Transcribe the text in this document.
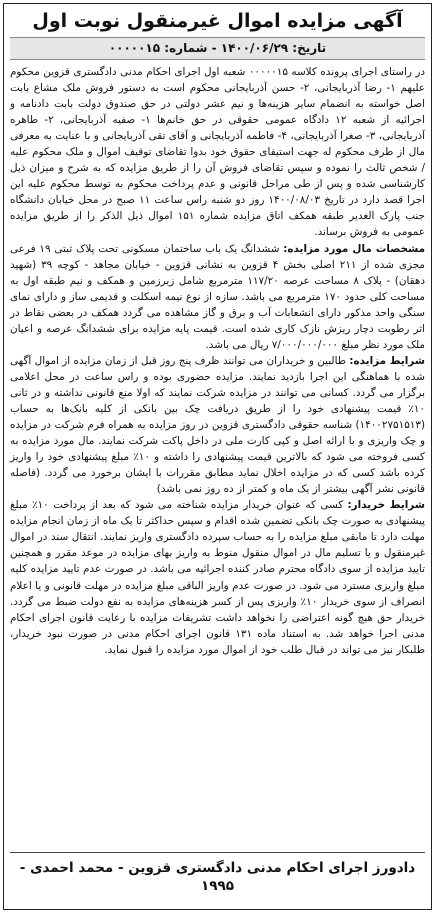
آگهی مزایده اموال غیرمنقول نوبت اول
تاریخ: ۱۴۰۰/۰۶/۲۹ - شماره: ۰۰۰۰۰۱۵

در راستای اجرای پرونده کلاسه ۰۰۰۰۰۱۵ شعبه اول اجرای احکام مدنی دادگستری قزوین محکوم علیهم ۱- رضا آذربایجانی، ۲- حسن آذربایجانی محکوم است به دستور فروش ملک مشاع بابت اصل خواسته به انضمام سایر هزینه‌ها و نیم عشر دولتی در حق صندوق دولت بابت دادنامه و اجرائیه از شعبه ۱۲ دادگاه عمومی حقوقی در حق خانم‌ها ۱- صفیه آذربایجانی، ۲- طاهره آذربایجانی، ۳- صغرا آذربایجانی، ۴- فاطمه آذربایجانی و آقای تقی آذربایجانی و با عنایت به معرفی مال از طرف محکوم له جهت استیفای حقوق خود بدوا تقاضای توقیف اموال و ملک محکوم علیه / شخص ثالث را نموده و سپس تقاضای فروش آن را از طریق مزایده که به شرح و میزان ذیل کارشناسی شده و پس از طی مراحل قانونی و عدم پرداخت محکوم به توسط محکوم علیه این اجرا قصد دارد در تاریخ ۱۴۰۰/۰۸/۰۳ روز دو شنبه راس ساعت ۱۱ صبح در محل خیابان دانشگاه جنب پارک الغدیر طبقه همکف اتاق مزایده شماره ۱۵۱ اموال ذیل الذکر را از طریق مزایده عمومی به فروش برساند.

مشخصات مال مورد مزایده: ششدانگ یک باب ساختمان مسکونی تحت پلاک ثبتی ۱۹ فرعی مجزی شده از ۲۱۱ اصلی بخش ۴ قزوین به نشانی قزوین - خیابان مجاهد - کوچه ۳۹ (شهید دهقان) - پلاک ۸ مساحت عرصه ۱۱۷/۲۰ مترمربع شامل زیرزمین و همکف و نیم طبقه اول به مساحت کلی حدود ۱۷۰ مترمربع می باشد. سازه از نوع نیمه اسکلت و قدیمی ساز و دارای نمای سنگی واحد مذکور دارای انشعابات آب و برق و گاز مشاهده می گردد همکف در بعضی نقاط در اثر رطوبت دچار ریزش نازک کاری شده است. قیمت پایه مزایده برای ششدانگ عرصه و اعیان ملک مورد نظر مبلغ ۷/۰۰۰/۰۰۰/۰۰۰ ریال می باشد.

شرایط مزایده: طالبین و خریداران می توانند ظرف پنج روز قبل از زمان مزایده از اموال آگهی شده با هماهنگی این اجرا بازدید نمایند. مزایده حضوری بوده و راس ساعت در محل اعلامی برگزار می گردد. کسانی می توانند در مزایده شرکت نمایند که اولا منع قانونی نداشته و در ثانی ۱۰٪ قیمت پیشنهادی خود را از طریق دریافت چک بین بانکی از کلیه بانک‌ها به حساب (۱۴۰۰۲۷۵۱۵۱۳) شناسه حقوقی دادگستری قزوین در روز مزایده به همراه فرم شرکت در مزایده و چک واریزی و با ارائه اصل و کپی کارت ملی در داخل پاکت شرکت نمایند. مال مورد مزایده به کسی فروخته می شود که بالاترین قیمت پیشنهادی را داشته و ۱۰٪ مبلغ پیشنهادی خود را واریز کرده باشد کسی که در مزایده اخلال نماید مطابق مقررات با ایشان برخورد می گردد. (فاصله قانونی نشر آگهی بیشتر از یک ماه و کمتر از ده روز نمی باشد)

شرایط خریدار: کسی که عنوان خریدار مزایده شناخته می شود که بعد از پرداخت ۱۰٪ مبلغ پیشنهادی به صورت چک بانکی تضمین شده اقدام و سپس حداکثر تا یک ماه از زمان انجام مزایده مهلت دارد تا مابقی مبلغ مزایده را به حساب سپرده دادگستری واریز نمایند. انتقال سند در اموال غیرمنقول و یا تسلیم مال در اموال منقول منوط به واریز بهای مزایده در موعد مقرر و همچنین تایید مزایده از سوی دادگاه محترم صادر کننده اجرائیه می باشد. در صورت عدم تایید مزایده کلیه مبلغ واریزی مسترد می شود. در صورت عدم واریز الباقی مبلغ مزایده در مهلت قانونی و یا اعلام انصراف از سوی خریدار ۱۰٪ واریزی پس از کسر هزینه‌های مزایده به نفع دولت ضبط می گردد. خریدار حق هیچ گونه اعتراضی را نخواهد داشت تشریفات مزایده با رعایت قانون اجرای احکام مدنی اجرا خواهد شد. به استناد ماده ۱۳۱ قانون اجرای احکام مدنی در صورت نبود خریدار، طلبکار نیز می تواند در قبال طلب خود از اموال مورد مزایده را قبول نماید.

دادورز اجرای احکام مدنی دادگستری قزوین - محمد احمدی - ۱۹۹۵
